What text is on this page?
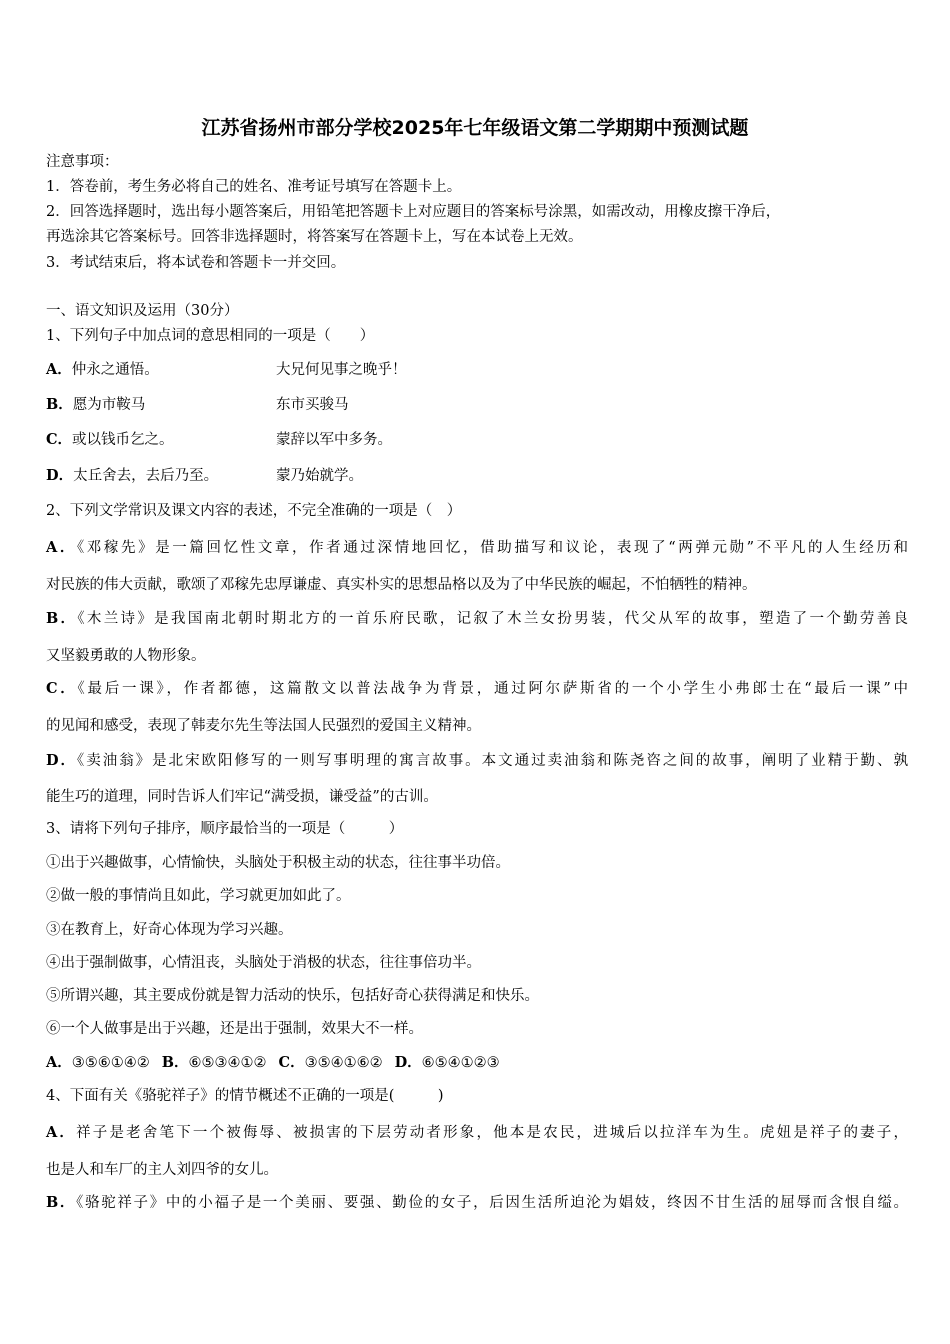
江苏省扬州市部分学校2025年七年级语文第二学期期中预测试题
注意事项：
1．答卷前，考生务必将自己的姓名、准考证号填写在答题卡上。
2．回答选择题时，选出每小题答案后，用铅笔把答题卡上对应题目的答案标号涂黑，如需改动，用橡皮擦干净后，
再选涂其它答案标号。回答非选择题时，将答案写在答题卡上，写在本试卷上无效。
3．考试结束后，将本试卷和答题卡一并交回。
一、语文知识及运用（30分）
1、下列句子中加点词的意思相同的一项是（　　）
A．仲永之通悟。	大兄何见事之晚乎！
B．愿为市鞍马	东市买骏马
C．或以钱币乞之。	蒙辞以军中多务。
D．太丘舍去，去后乃至。	蒙乃始就学。
2、下列文学常识及课文内容的表述，不完全准确的一项是（　）
A．《邓稼先》是一篇回忆性文章，作者通过深情地回忆，借助描写和议论，表现了“两弹元勋”不平凡的人生经历和
对民族的伟大贡献，歌颂了邓稼先忠厚谦虚、真实朴实的思想品格以及为了中华民族的崛起，不怕牺牲的精神。
B．《木兰诗》是我国南北朝时期北方的一首乐府民歌，记叙了木兰女扮男装，代父从军的故事，塑造了一个勤劳善良
又坚毅勇敢的人物形象。
C．《最后一课》，作者都德，这篇散文以普法战争为背景，通过阿尔萨斯省的一个小学生小弗郎士在“最后一课”中
的见闻和感受，表现了韩麦尔先生等法国人民强烈的爱国主义精神。
D．《卖油翁》是北宋欧阳修写的一则写事明理的寓言故事。本文通过卖油翁和陈尧咨之间的故事，阐明了业精于勤、孰
能生巧的道理，同时告诉人们牢记“满受损，谦受益”的古训。
3、请将下列句子排序，顺序最恰当的一项是（　　　）
①出于兴趣做事，心情愉快，头脑处于积极主动的状态，往往事半功倍。
②做一般的事情尚且如此，学习就更加如此了。
③在教育上，好奇心体现为学习兴趣。
④出于强制做事，心情沮丧，头脑处于消极的状态，往往事倍功半。
⑤所谓兴趣，其主要成份就是智力活动的快乐，包括好奇心获得满足和快乐。
⑥一个人做事是出于兴趣，还是出于强制，效果大不一样。
A．③⑤⑥①④② B．⑥⑤③④①② C．③⑤④①⑥② D．⑥⑤④①②③
4、下面有关《骆驼祥子》的情节概述不正确的一项是(　　　)
A．祥子是老舍笔下一个被侮辱、被损害的下层劳动者形象，他本是农民，进城后以拉洋车为生。虎妞是祥子的妻子，
也是人和车厂的主人刘四爷的女儿。
B．《骆驼祥子》中的小福子是一个美丽、要强、勤俭的女子，后因生活所迫沦为娼妓，终因不甘生活的屈辱而含恨自缢。
